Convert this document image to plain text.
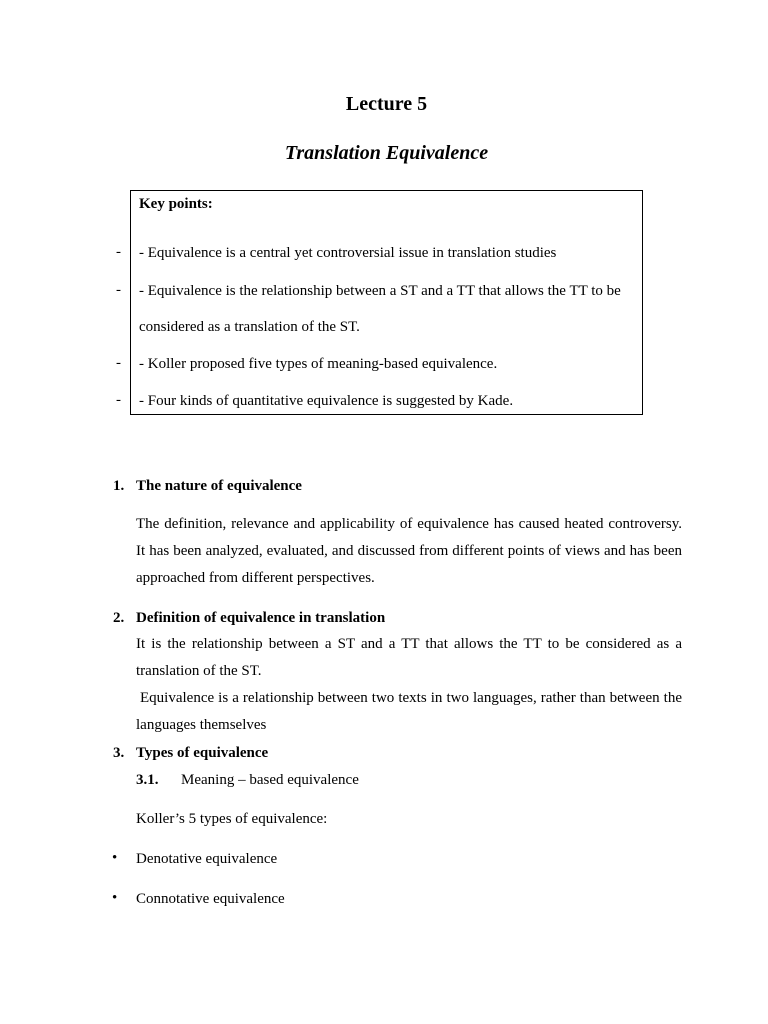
Lecture 5
Translation Equivalence
Key points:
- - Equivalence is a central yet controversial issue in translation studies
- - Equivalence is the relationship between a ST and a TT that allows the TT to be
considered as a translation of the ST.
- - Koller proposed five types of meaning-based equivalence.
- - Four kinds of quantitative equivalence is suggested by Kade.
1. The nature of equivalence
The definition, relevance and applicability of equivalence has caused heated controversy. It has been analyzed, evaluated, and discussed from different points of views and has been approached from different perspectives.
2. Definition of equivalence in translation
It is the relationship between a ST and a TT that allows the TT to be considered as a translation of the ST.
Equivalence is a relationship between two texts in two languages, rather than between the languages themselves
3. Types of equivalence
3.1. Meaning – based equivalence
Koller’s 5 types of equivalence:
• Denotative equivalence
• Connotative equivalence
